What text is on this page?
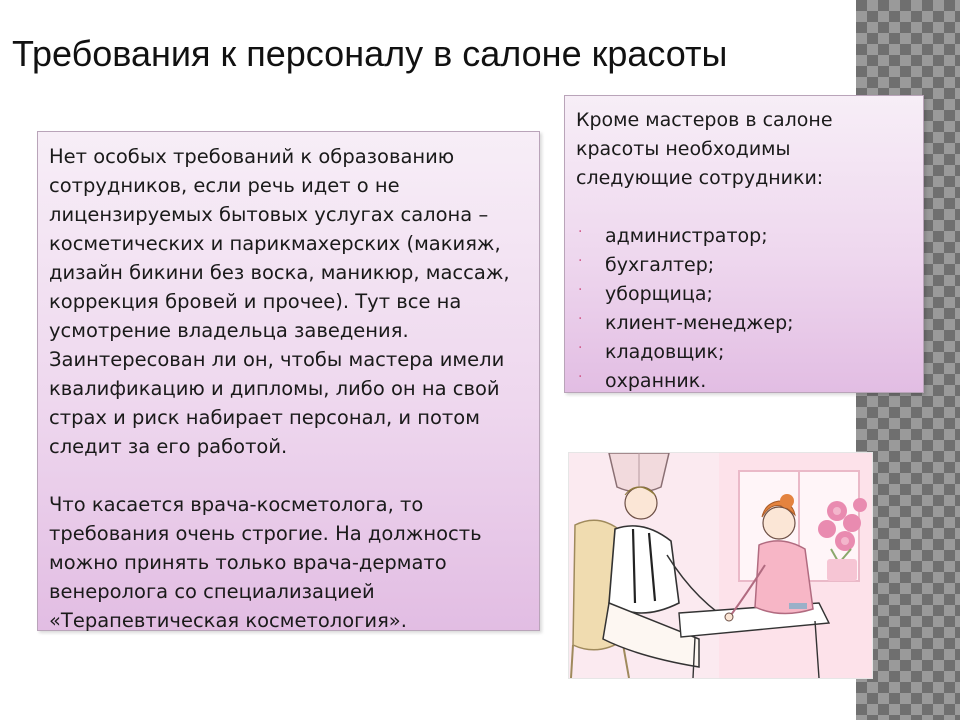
Требования к персоналу в салоне красоты

Нет особых требований к образованию сотрудников, если речь идет о не лицензируемых бытовых услугах салона – косметических и парикмахерских (макияж, дизайн бикини без воска, маникюр, массаж, коррекция бровей и прочее). Тут все на усмотрение владельца заведения. Заинтересован ли он, чтобы мастера имели квалификацию и дипломы, либо он на свой страх и риск набирает персонал, и потом следит за его работой.

Что касается врача-косметолога, то требования очень строгие. На должность можно принять только врача-дермато венеролога со специализацией «Терапевтическая косметология».

Кроме мастеров в салоне красоты необходимы следующие сотрудники:

· администратор;
· бухгалтер;
· уборщица;
· клиент-менеджер;
· кладовщик;
· охранник.
